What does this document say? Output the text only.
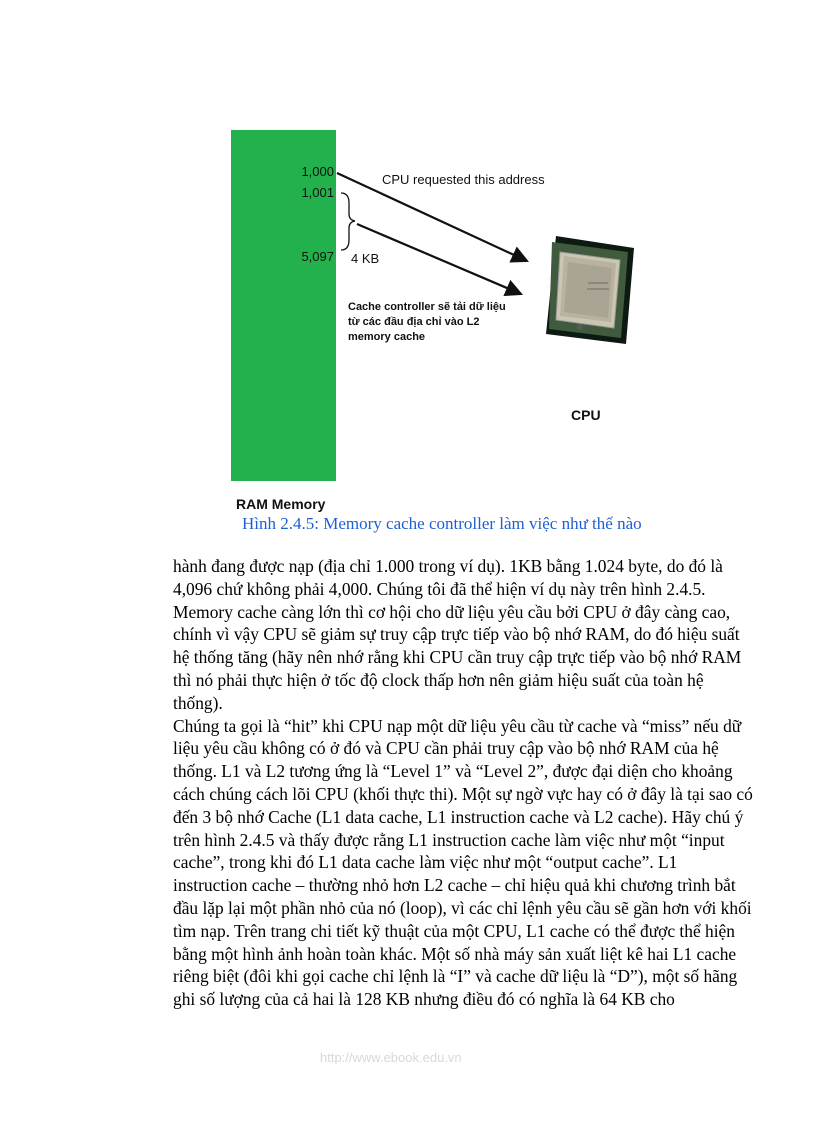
1,000
1,001
5,097 4 KB
CPU requested this address
Cache controller sẽ tải dữ liệu
từ các đầu địa chỉ vào L2
memory cache
CPU
RAM Memory
Hình 2.4.5: Memory cache controller làm việc như thế nào

hành đang được nạp (địa chỉ 1.000 trong ví dụ). 1KB bằng 1.024 byte, do đó là 4,096 chứ không phải 4,000. Chúng tôi đã thể hiện ví dụ này trên hình 2.4.5. Memory cache càng lớn thì cơ hội cho dữ liệu yêu cầu bởi CPU ở đây càng cao, chính vì vậy CPU sẽ giảm sự truy cập trực tiếp vào bộ nhớ RAM, do đó hiệu suất hệ thống tăng (hãy nên nhớ rằng khi CPU cần truy cập trực tiếp vào bộ nhớ RAM thì nó phải thực hiện ở tốc độ clock thấp hơn nên giảm hiệu suất của toàn hệ thống).

Chúng ta gọi là “hit” khi CPU nạp một dữ liệu yêu cầu từ cache và “miss” nếu dữ liệu yêu cầu không có ở đó và CPU cần phải truy cập vào bộ nhớ RAM của hệ thống. L1 và L2 tương ứng là “Level 1” và “Level 2”, được đại diện cho khoảng cách chúng cách lõi CPU (khối thực thi). Một sự ngờ vực hay có ở đây là tại sao có đến 3 bộ nhớ Cache (L1 data cache, L1 instruction cache và L2 cache). Hãy chú ý trên hình 2.4.5 và thấy được rằng L1 instruction cache làm việc như một “input cache”, trong khi đó L1 data cache làm việc như một “output cache”. L1 instruction cache – thường nhỏ hơn L2 cache – chỉ hiệu quả khi chương trình bắt đầu lặp lại một phần nhỏ của nó (loop), vì các chỉ lệnh yêu cầu sẽ gần hơn với khối tìm nạp. Trên trang chi tiết kỹ thuật của một CPU, L1 cache có thể được thể hiện bằng một hình ảnh hoàn toàn khác. Một số nhà máy sản xuất liệt kê hai L1 cache riêng biệt (đôi khi gọi cache chỉ lệnh là “I” và cache dữ liệu là “D”), một số hãng ghi số lượng của cả hai là 128 KB nhưng điều đó có nghĩa là 64 KB cho

http://www.ebook.edu.vn
